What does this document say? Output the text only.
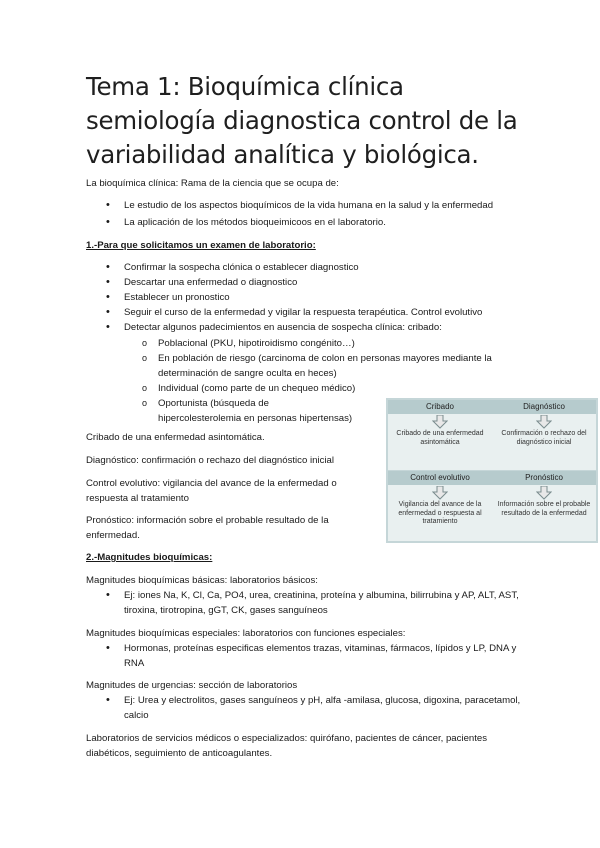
Tema 1: Bioquímica clínica semiología diagnostica control de la variabilidad analítica y biológica.

La bioquímica clínica: Rama de la ciencia que se ocupa de:

• Le estudio de los aspectos bioquímicos de la vida humana en la salud y la enfermedad
• La aplicación de los métodos bioqueimicoos en el laboratorio.

1.-Para que solicitamos un examen de laboratorio:

• Confirmar la sospecha clónica o establecer diagnostico
• Descartar una enfermedad o diagnostico
• Establecer un pronostico
• Seguir el curso de la enfermedad y vigilar la respuesta terapéutica. Control evolutivo
• Detectar algunos padecimientos en ausencia de sospecha clínica: cribado:
o Poblacional (PKU, hipotiroidismo congénito…)
o En población de riesgo (carcinoma de colon en personas mayores mediante la determinación de sangre oculta en heces)
o Individual (como parte de un chequeo médico)
o Oportunista (búsqueda de hipercolesterolemia en personas hipertensas)

Cribado de una enfermedad asintomática.

Diagnóstico: confirmación o rechazo del diagnóstico inicial

Control evolutivo: vigilancia del avance de la enfermedad o respuesta al tratamiento

Pronóstico: información sobre el probable resultado de la enfermedad.

Cribado
Cribado de una enfermedad asintomática
Diagnóstico
Confirmación o rechazo del diagnóstico inicial
Control evolutivo
Vigilancia del avance de la enfermedad o respuesta al tratamiento
Pronóstico
Información sobre el probable resultado de la enfermedad

2.-Magnitudes bioquímicas:

Magnitudes bioquímicas básicas: laboratorios básicos:

• Ej: iones Na, K, Cl, Ca, PO4, urea, creatinina, proteína y albumina, bilirrubina y AP, ALT, AST, tiroxina, tirotropina, gGT, CK, gases sanguíneos

Magnitudes bioquímicas especiales: laboratorios con funciones especiales:

• Hormonas, proteínas especificas elementos trazas, vitaminas, fármacos, lípidos y LP, DNA y RNA

Magnitudes de urgencias: sección de laboratorios

• Ej: Urea y electrolitos, gases sanguíneos y pH, alfa -amilasa, glucosa, digoxina, paracetamol, calcio

Laboratorios de servicios médicos o especializados: quirófano, pacientes de cáncer, pacientes diabéticos, seguimiento de anticoagulantes.
